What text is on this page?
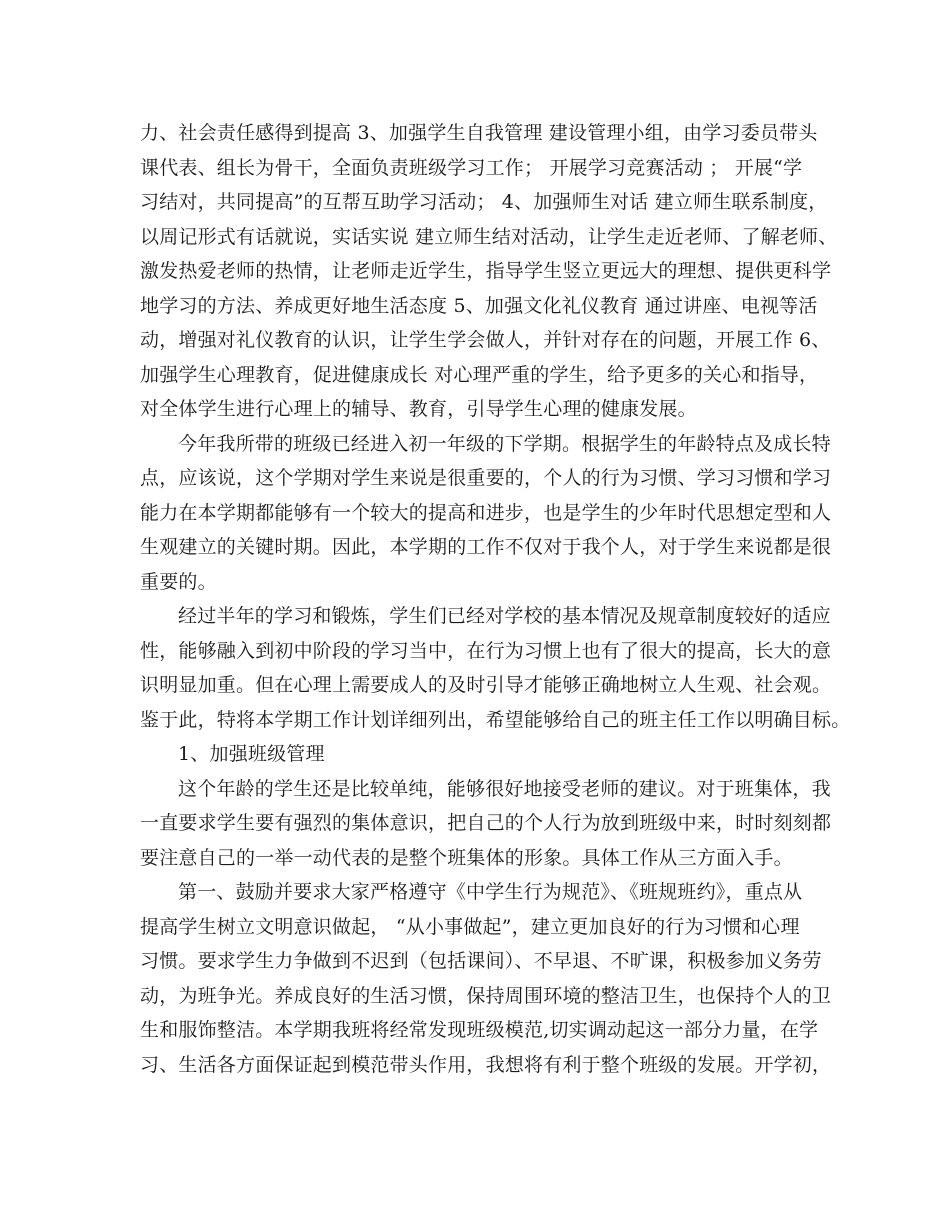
力、社会责任感得到提高 3、加强学生自我管理 建设管理小组，由学习委员带头
课代表、组长为骨干，全面负责班级学习工作； 开展学习竞赛活动 ； 开展“学
习结对，共同提高”的互帮互助学习活动； 4、加强师生对话 建立师生联系制度，
以周记形式有话就说，实话实说 建立师生结对活动，让学生走近老师、了解老师、
激发热爱老师的热情，让老师走近学生，指导学生竖立更远大的理想、提供更科学
地学习的方法、养成更好地生活态度 5、加强文化礼仪教育 通过讲座、电视等活
动，增强对礼仪教育的认识，让学生学会做人，并针对存在的问题，开展工作 6、
加强学生心理教育，促进健康成长 对心理严重的学生，给予更多的关心和指导，
对全体学生进行心理上的辅导、教育，引导学生心理的健康发展。
今年我所带的班级已经进入初一年级的下学期。根据学生的年龄特点及成长特
点，应该说，这个学期对学生来说是很重要的，个人的行为习惯、学习习惯和学习
能力在本学期都能够有一个较大的提高和进步，也是学生的少年时代思想定型和人
生观建立的关键时期。因此，本学期的工作不仅对于我个人，对于学生来说都是很
重要的。
经过半年的学习和锻炼，学生们已经对学校的基本情况及规章制度较好的适应
性，能够融入到初中阶段的学习当中，在行为习惯上也有了很大的提高，长大的意
识明显加重。但在心理上需要成人的及时引导才能够正确地树立人生观、社会观。
鉴于此，特将本学期工作计划详细列出，希望能够给自己的班主任工作以明确目标。
1、加强班级管理
这个年龄的学生还是比较单纯，能够很好地接受老师的建议。对于班集体，我
一直要求学生要有强烈的集体意识，把自己的个人行为放到班级中来，时时刻刻都
要注意自己的一举一动代表的是整个班集体的形象。具体工作从三方面入手。
第一、鼓励并要求大家严格遵守《中学生行为规范》、《班规班约》，重点从
提高学生树立文明意识做起， “从小事做起”，建立更加良好的行为习惯和心理
习惯。要求学生力争做到不迟到（包括课间）、不早退、不旷课，积极参加义务劳
动，为班争光。养成良好的生活习惯，保持周围环境的整洁卫生，也保持个人的卫
生和服饰整洁。本学期我班将经常发现班级模范,切实调动起这一部分力量，在学
习、生活各方面保证起到模范带头作用，我想将有利于整个班级的发展。开学初，
